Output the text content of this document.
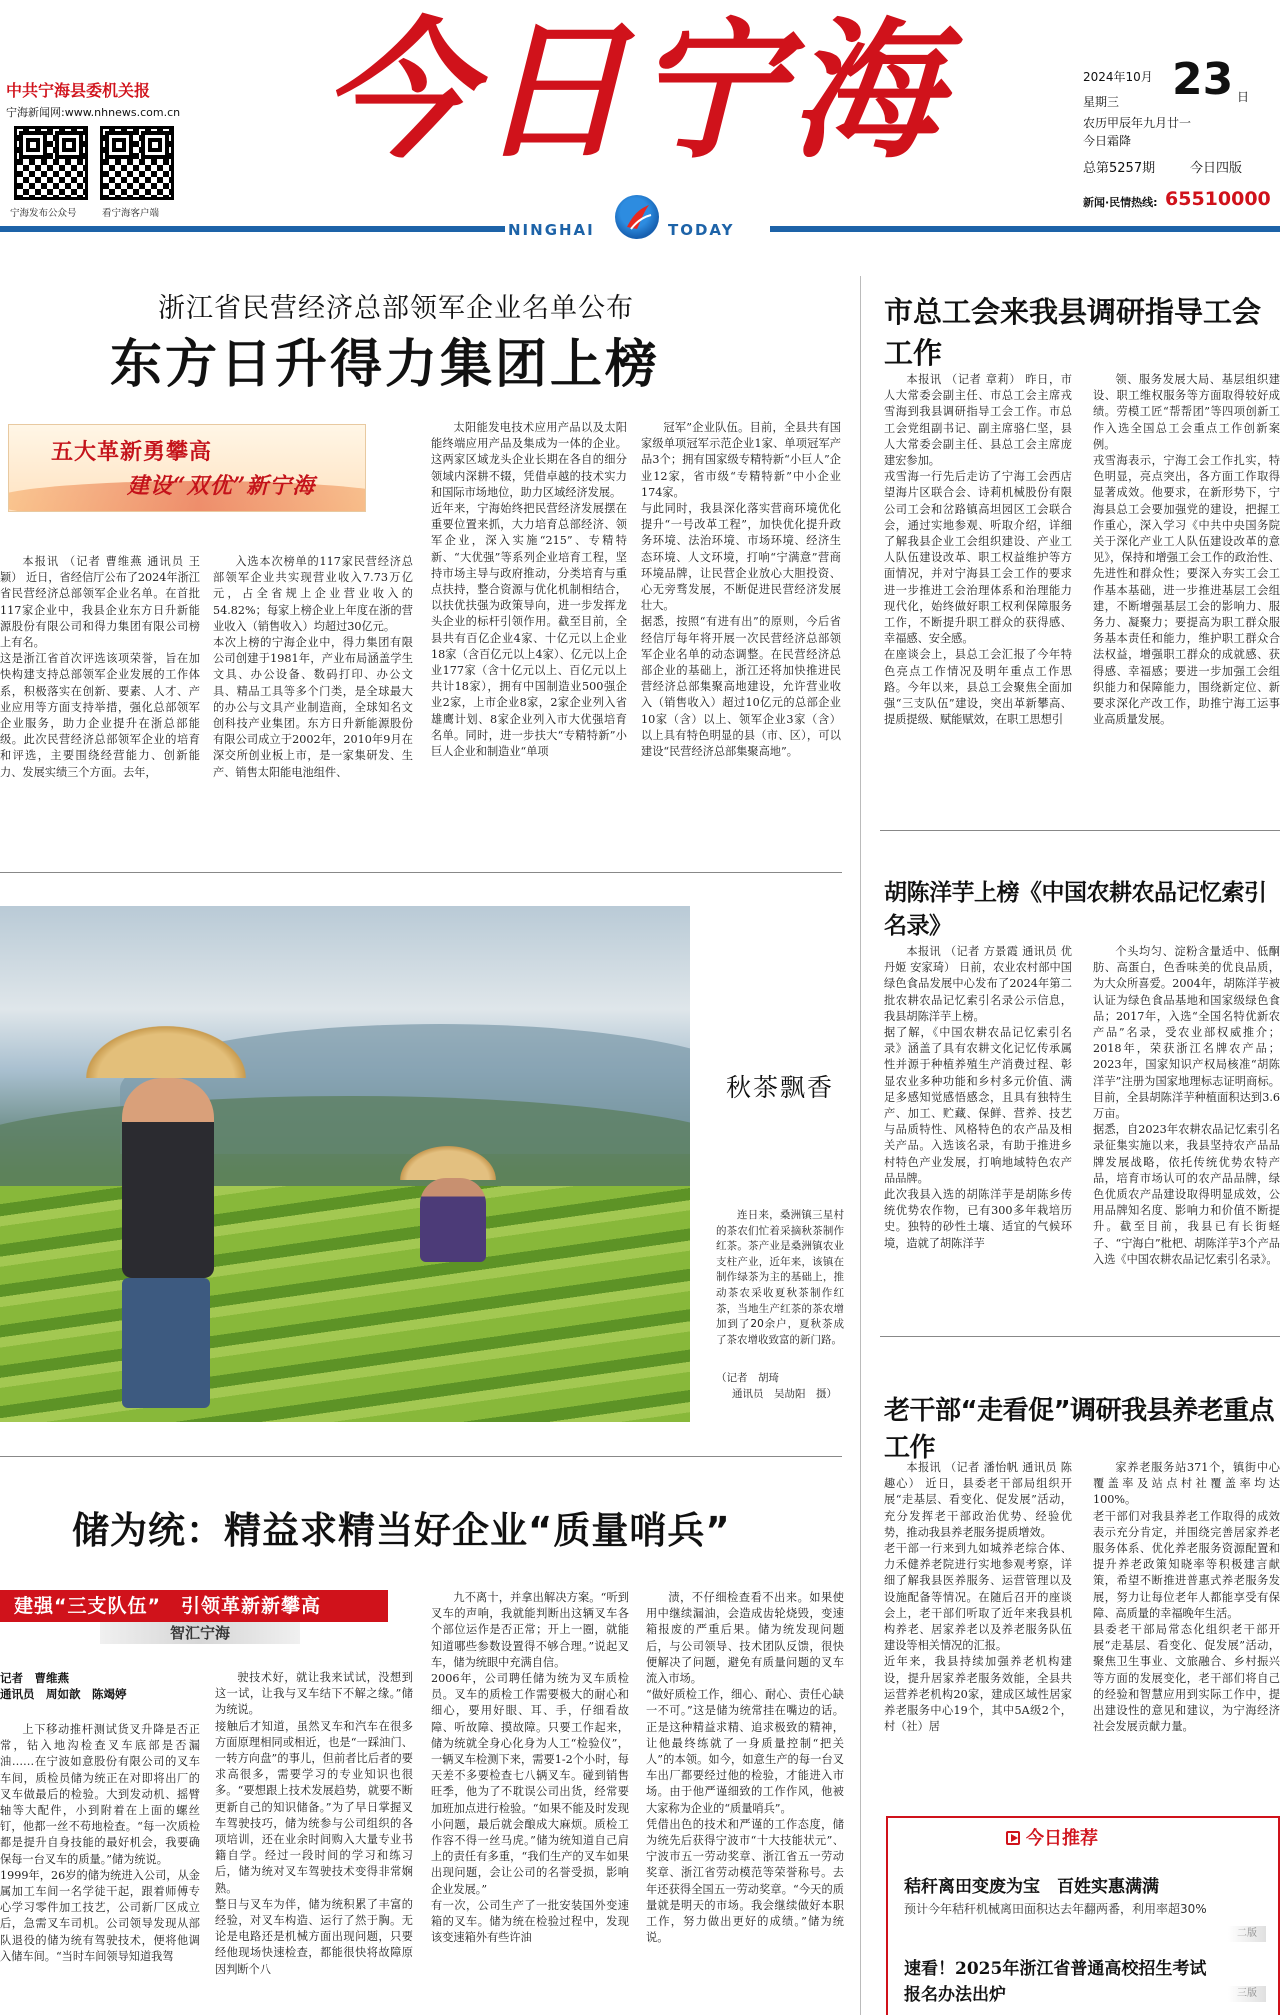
中共宁海县委机关报
宁海新闻网:www.nhnews.com.cn
宁海发布公众号	看宁海客户端
今日宁海
NINGHAI	TODAY
2024年10月 23 日
星期三
农历甲辰年九月廿一
今日霜降
总第5257期	今日四版
新闻·民情热线: 65510000
浙江省民营经济总部领军企业名单公布
东方日升得力集团上榜
五大革新勇攀高
建设“双优”新宁海

本报讯 （记者 曹维燕 通讯员 王颖） 近日，省经信厅公布了2024年浙江省民营经济总部领军企业名单。在首批117家企业中，我县企业东方日升新能源股份有限公司和得力集团有限公司榜上有名。
这是浙江省首次评选该项荣誉，旨在加快构建支持总部领军企业发展的工作体系，积极落实在创新、要素、人才、产业应用等方面支持举措，强化总部领军企业服务，助力企业提升在浙总部能级。此次民营经济总部领军企业的培育和评选，主要围绕经营能力、创新能力、发展实绩三个方面。去年，

入选本次榜单的117家民营经济总部领军企业共实现营业收入7.73万亿元，占全省规上企业营业收入的54.82%；每家上榜企业上年度在浙的营业收入（销售收入）均超过30亿元。
本次上榜的宁海企业中，得力集团有限公司创建于1981年，产业布局涵盖学生文具、办公设备、数码打印、办公文具、精品工具等多个门类，是全球最大的办公与文具产业制造商，全球知名文创科技产业集团。东方日升新能源股份有限公司成立于2002年，2010年9月在深交所创业板上市，是一家集研发、生产、销售太阳能电池组件、

太阳能发电技术应用产品以及太阳能终端应用产品及集成为一体的企业。这两家区域龙头企业长期在各自的细分领域内深耕不辍，凭借卓越的技术实力和国际市场地位，助力区域经济发展。
近年来，宁海始终把民营经济发展摆在重要位置来抓，大力培育总部经济、领军企业，深入实施“215”、专精特新、“大优强”等系列企业培育工程，坚持市场主导与政府推动，分类培育与重点扶持，整合资源与优化机制相结合，以扶优扶强为政策导向，进一步发挥龙头企业的标杆引领作用。截至目前，全县共有百亿企业4家、十亿元以上企业18家（含百亿元以上4家）、亿元以上企业177家（含十亿元以上、百亿元以上共计18家），拥有中国制造业500强企业2家，上市企业8家，2家企业列入省雄鹰计划、8家企业列入市大优强培育名单。同时，进一步扶大“专精特新”小巨人企业和制造业“单项

冠军”企业队伍。目前，全县共有国家级单项冠军示范企业1家、单项冠军产品3个；拥有国家级专精特新“小巨人”企业12家，省市级“专精特新”中小企业174家。
与此同时，我县深化落实营商环境优化提升“一号改革工程”，加快优化提升政务环境、法治环境、市场环境、经济生态环境、人文环境，打响“宁满意”营商环境品牌，让民营企业放心大胆投资、心无旁骛发展，不断促进民营经济发展壮大。
据悉，按照“有进有出”的原则，今后省经信厅每年将开展一次民营经济总部领军企业名单的动态调整。在民营经济总部企业的基础上，浙江还将加快推进民营经济总部集聚高地建设，允许营业收入（销售收入）超过10亿元的总部企业10家（含）以上、领军企业3家（含）以上具有特色明显的县（市、区），可以建设“民营经济总部集聚高地”。

秋茶飘香
连日来，桑洲镇三星村的茶农们忙着采摘秋茶制作红茶。茶产业是桑洲镇农业支柱产业，近年来，该镇在制作绿茶为主的基础上，推动茶农采收夏秋茶制作红茶，当地生产红茶的茶农增加到了20余户，夏秋茶成了茶农增收致富的新门路。
（记者　胡琦
通讯员　吴劼阳　摄）
储为统：精益求精当好企业“质量哨兵”
建强“三支队伍”　引领革新新攀高
智汇宁海
记者　曹维燕
通讯员　周如歆　陈竭婷

上下移动推杆测试货叉升降是否正常，钻入地沟检查叉车底部是否漏油……在宁波如意股份有限公司的叉车车间，质检员储为统正在对即将出厂的叉车做最后的检验。大到发动机、摇臂轴等大配件，小到附着在上面的螺丝钉，他都一丝不苟地检查。“每一次质检都是提升自身技能的最好机会，我要确保每一台叉车的质量。”储为统说。
1999年，26岁的储为统进入公司，从金属加工车间一名学徒干起，跟着师傅专心学习零件加工技艺，公司新厂区成立后，急需叉车司机。公司领导发现从部队退役的储为统有驾驶技术，便将他调入储车间。“当时车间领导知道我驾

驶技术好，就让我来试试，没想到这一试，让我与叉车结下不解之缘。”储为统说。
接触后才知道，虽然叉车和汽车在很多方面原理相同或相近，也是“一踩油门、一转方向盘”的事儿，但前者比后者的要求高很多，需要学习的专业知识也很多。“要想跟上技术发展趋势，就要不断更新自己的知识储备。”为了早日掌握叉车驾驶技巧，储为统参与公司组织的各项培训，还在业余时间购入大量专业书籍自学。经过一段时间的学习和练习后，储为统对叉车驾驶技术变得非常娴熟。
整日与叉车为伴，储为统积累了丰富的经验，对叉车构造、运行了然于胸。无论是电路还是机械方面出现问题，只要经他现场快速检查，都能很快将故障原因判断个八

九不离十，并拿出解决方案。“听到叉车的声响，我就能判断出这辆叉车各个部位运作是否正常；开上一圈，就能知道哪些参数设置得不够合理。”说起叉车，储为统眼中充满自信。
2006年，公司聘任储为统为叉车质检员。叉车的质检工作需要极大的耐心和细心，要用好眼、耳、手，仔细看故障、听故障、摸故障。只要工作起来，储为统就全身心化身为人工“检验仪”，一辆叉车检测下来，需要1-2个小时，每天差不多要检查七八辆叉车。碰到销售旺季，他为了不耽误公司出货，经常要加班加点进行检验。“如果不能及时发现小问题，最后就会酿成大麻烦。质检工作容不得一丝马虎。”储为统知道自己肩上的责任有多重，“我们生产的叉车如果出现问题，会让公司的名誉受损，影响企业发展。”
有一次，公司生产了一批安装国外变速箱的叉车。储为统在检验过程中，发现该变速箱外有些许油

渍，不仔细检查看不出来。如果使用中继续漏油，会造成齿轮烧毁，变速箱报废的严重后果。储为统发现问题后，与公司领导、技术团队反馈，很快便解决了问题，避免有质量问题的叉车流入市场。
“做好质检工作，细心、耐心、责任心缺一不可。”这是储为统常挂在嘴边的话。正是这种精益求精、追求极致的精神，让他最终练就了一身质量控制“把关人”的本领。如今，如意生产的每一台叉车出厂都要经过他的检验，才能进入市场。由于他严谨细致的工作作风，他被大家称为企业的“质量哨兵”。
凭借出色的技术和严谨的工作态度，储为统先后获得宁波市“十大技能状元”、宁波市五一劳动奖章、浙江省五一劳动奖章、浙江省劳动模范等荣誉称号。去年还获得全国五一劳动奖章。“今天的质量就是明天的市场。我会继续做好本职工作，努力做出更好的成绩。”储为统说。

市总工会来我县调研指导工会工作

本报讯 （记者 章莉） 昨日，市人大常委会副主任、市总工会主席戎雪海到我县调研指导工会工作。市总工会党组副书记、副主席骆仁坚，县人大常委会副主任、县总工会主席庞建宏参加。
戎雪海一行先后走访了宁海工会西店望海片区联合会、诗莉机械股份有限公司工会和岔路镇高坦园区工会联合会，通过实地参观、听取介绍，详细了解我县企业工会组织建设、产业工人队伍建设改革、职工权益维护等方面情况，并对宁海县工会工作的要求进一步推进工会治理体系和治理能力现代化，始终做好职工权利保障服务工作，不断提升职工群众的获得感、幸福感、安全感。
在座谈会上，县总工会汇报了今年特色亮点工作情况及明年重点工作思路。今年以来，县总工会聚焦全面加强“三支队伍”建设，突出革新攀高、提质提级、赋能赋效，在职工思想引

领、服务发展大局、基层组织建设、职工维权服务等方面取得较好成绩。劳模工匠“帮帮团”等四项创新工作入选全国总工会重点工作创新案例。
戎雪海表示，宁海工会工作扎实，特色明显，亮点突出，各方面工作取得显著成效。他要求，在新形势下，宁海县总工会要加强党的建设，把握工作重心，深入学习《中共中央国务院关于深化产业工人队伍建设改革的意见》，保持和增强工会工作的政治性、先进性和群众性；要深入夯实工会工作基本基础，进一步推进基层工会组建，不断增强基层工会的影响力、服务力、凝聚力；要提高为职工群众服务基本责任和能力，维护职工群众合法权益，增强职工群众的成就感、获得感、幸福感；要进一步加强工会组织能力和保障能力，围绕新定位、新要求深化产改工作，助推宁海工运事业高质量发展。

胡陈洋芋上榜《中国农耕农品记忆索引名录》

本报讯 （记者 方景霞 通讯员 优丹姬 安家琦） 日前，农业农村部中国绿色食品发展中心发布了2024年第二批农耕农品记忆索引名录公示信息，我县胡陈洋芋上榜。
据了解，《中国农耕农品记忆索引名录》涵盖了具有农耕文化记忆传承属性并源于种植养殖生产消费过程、彰显农业多种功能和乡村多元价值、满足多感知觉感悟感念，且具有独特生产、加工、贮藏、保鲜、营养、技艺与品质特性、风格特色的农产品及相关产品。入选该名录，有助于推进乡村特色产业发展，打响地域特色农产品品牌。
此次我县入选的胡陈洋芋是胡陈乡传统优势农作物，已有300多年栽培历史。独特的砂性土壤、适宜的气候环境，造就了胡陈洋芋

个头均匀、淀粉含量适中、低酮肪、高蛋白，色香味美的优良品质，为大众所喜爱。2004年，胡陈洋芋被认证为绿色食品基地和国家级绿色食品；2017年，入选“全国名特优新农产品”名录，受农业部权威推介；2018年，荣获浙江名牌农产品；2023年，国家知识产权局核准“胡陈洋芋”注册为国家地理标志证明商标。目前，全县胡陈洋芋种植面积达到3.6万亩。
据悉，自2023年农耕农品记忆索引名录征集实施以来，我县坚持农产品品牌发展战略，依托传统优势农特产品，培育市场认可的农产品品牌，绿色优质农产品建设取得明显成效，公用品牌知名度、影响力和价值不断提升。截至目前，我县已有长街蛏子、“宁海白”枇杷、胡陈洋芋3个产品入选《中国农耕农品记忆索引名录》。

老干部“走看促”调研我县养老重点工作

本报讯 （记者 潘怡帆 通讯员 陈趣心） 近日，县委老干部局组织开展“走基层、看变化、促发展”活动，充分发挥老干部政治优势、经验优势，推动我县养老服务提质增效。
老干部一行来到九如城养老综合体、力禾健养老院进行实地参观考察，详细了解我县医养服务、运营管理以及设施配备等情况。在随后召开的座谈会上，老干部们听取了近年来我县机构养老、居家养老以及养老服务队伍建设等相关情况的汇报。
近年来，我县持续加强养老机构建设，提升居家养老服务效能，全县共运营养老机构20家，建成区域性居家养老服务中心19个，其中5A级2个，村（社）居

家养老服务站371个，镇街中心覆盖率及站点村社覆盖率均达100%。
老干部们对我县养老工作取得的成效表示充分肯定，并围绕完善居家养老服务体系、优化养老服务资源配置和提升养老政策知晓率等积极建言献策，希望不断推进普惠式养老服务发展，努力让每位老年人都能享受有保障、高质量的幸福晚年生活。
县委老干部局常态化组织老干部开展“走基层、看变化、促发展”活动，聚焦卫生事业、文旅融合、乡村振兴等方面的发展变化，老干部们将自己的经验和智慧应用到实际工作中，提出建设性的意见和建议，为宁海经济社会发展贡献力量。

今日推荐
秸秆离田变废为宝　百姓实惠满满
预计今年秸秆机械离田面积达去年翻两番，利用率超30%
二版
速看！2025年浙江省普通高校招生考试
报名办法出炉	三版
